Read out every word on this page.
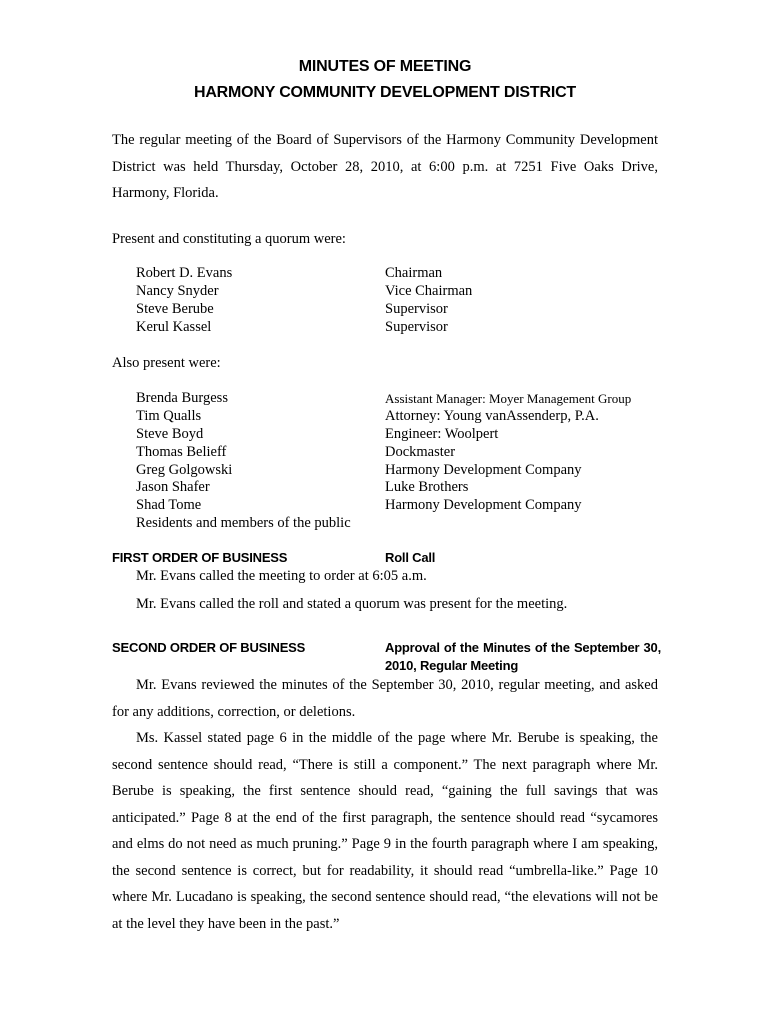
MINUTES OF MEETING
HARMONY COMMUNITY DEVELOPMENT DISTRICT
The regular meeting of the Board of Supervisors of the Harmony Community Development District was held Thursday, October 28, 2010, at 6:00 p.m. at 7251 Five Oaks Drive, Harmony, Florida.
Present and constituting a quorum were:
Robert D. Evans	Chairman
Nancy Snyder	Vice Chairman
Steve Berube	Supervisor
Kerul Kassel	Supervisor
Also present were:
Brenda Burgess	Assistant Manager: Moyer Management Group
Tim Qualls	Attorney: Young vanAssenderp, P.A.
Steve Boyd	Engineer: Woolpert
Thomas Belieff	Dockmaster
Greg Golgowski	Harmony Development Company
Jason Shafer	Luke Brothers
Shad Tome	Harmony Development Company
Residents and members of the public
FIRST ORDER OF BUSINESS	Roll Call
Mr. Evans called the meeting to order at 6:05 a.m.
Mr. Evans called the roll and stated a quorum was present for the meeting.
SECOND ORDER OF BUSINESS	Approval of the Minutes of the September 30, 2010, Regular Meeting
Mr. Evans reviewed the minutes of the September 30, 2010, regular meeting, and asked for any additions, correction, or deletions.
Ms. Kassel stated page 6 in the middle of the page where Mr. Berube is speaking, the second sentence should read, “There is still a component.” The next paragraph where Mr. Berube is speaking, the first sentence should read, “gaining the full savings that was anticipated.” Page 8 at the end of the first paragraph, the sentence should read “sycamores and elms do not need as much pruning.” Page 9 in the fourth paragraph where I am speaking, the second sentence is correct, but for readability, it should read “umbrella-like.” Page 10 where Mr. Lucadano is speaking, the second sentence should read, “the elevations will not be at the level they have been in the past.”
